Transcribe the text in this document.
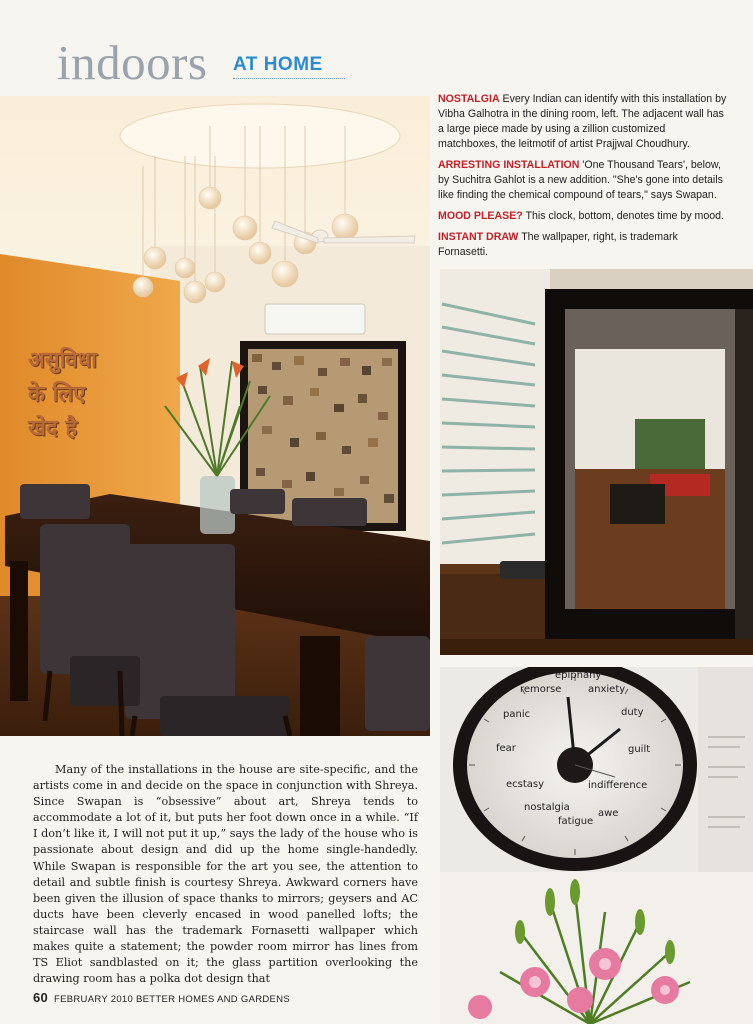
indoors AT HOME
असुविधा
के लिए
खेद है

NOSTALGIA Every Indian can identify with this installation by Vibha Galhotra in the dining room, left. The adjacent wall has a large piece made by using a zillion customized matchboxes, the leitmotif of artist Prajjwal Choudhury.

ARRESTING INSTALLATION 'One Thousand Tears', below, by Suchitra Gahlot is a new addition. "She's gone into details like finding the chemical compound of tears," says Swapan.

MOOD PLEASE? This clock, bottom, denotes time by mood.

INSTANT DRAW The wallpaper, right, is trademark Fornasetti.

epiphany
anxiety
duty
guilt
indifference
awe
fatigue
nostalgia
ecstasy
fear
panic
remorse
Many of the installations in the house are site-specific, and the artists come in and decide on the space in conjunction with Shreya. Since Swapan is “obsessive” about art, Shreya tends to accommodate a lot of it, but puts her foot down once in a while. “If I don’t like it, I will not put it up,” says the lady of the house who is passionate about design and did up the home single-handedly. While Swapan is responsible for the art you see, the attention to detail and subtle finish is courtesy Shreya. Awkward corners have been given the illusion of space thanks to mirrors; geysers and AC ducts have been cleverly encased in wood panelled lofts; the staircase wall has the trademark Fornasetti wallpaper which makes quite a statement; the powder room mirror has lines from TS Eliot sandblasted on it; the glass partition overlooking the drawing room has a polka dot design that
60 FEBRUARY 2010 BETTER HOMES AND GARDENS
